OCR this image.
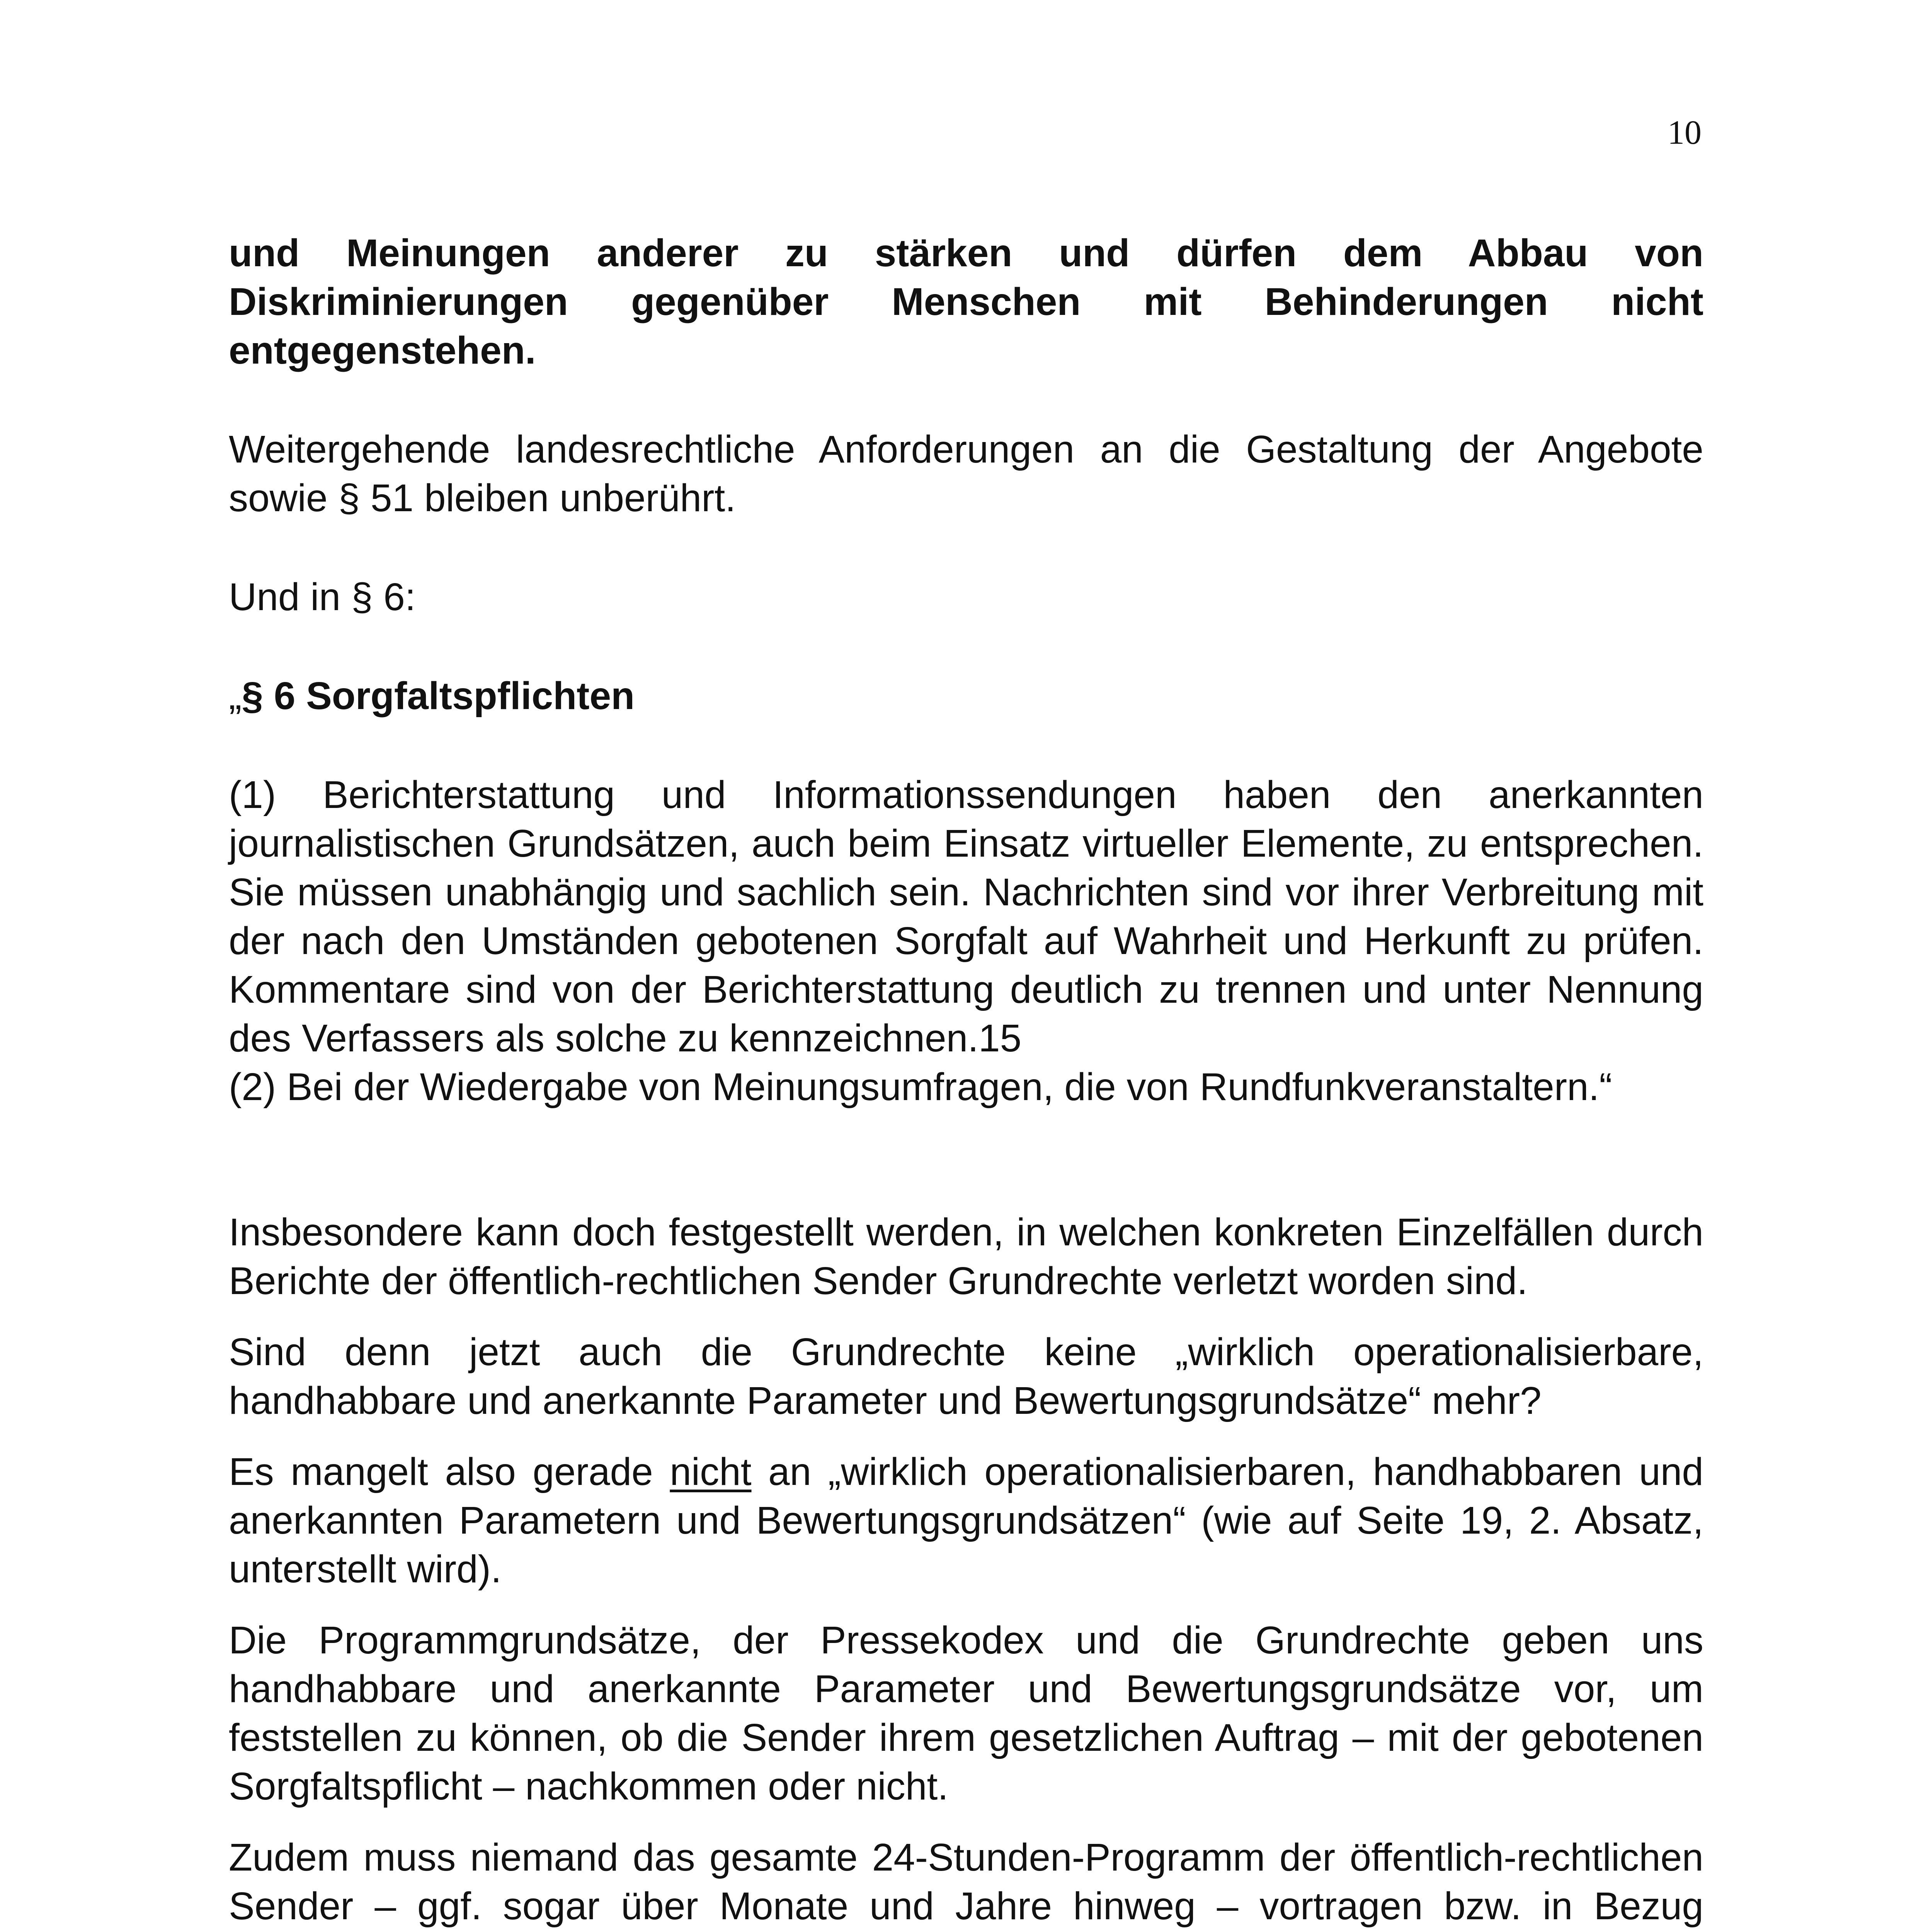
10

und Meinungen anderer zu stärken und dürfen dem Abbau von Diskriminierungen gegenüber Menschen mit Behinderungen nicht entgegenstehen.

Weitergehende landesrechtliche Anforderungen an die Gestaltung der Angebote sowie § 51 bleiben unberührt.

Und in § 6:

„§ 6 Sorgfaltspflichten

(1) Berichterstattung und Informationssendungen haben den anerkannten journalistischen Grundsätzen, auch beim Einsatz virtueller Elemente, zu entsprechen. Sie müssen unabhängig und sachlich sein. Nachrichten sind vor ihrer Verbreitung mit der nach den Umständen gebotenen Sorgfalt auf Wahrheit und Herkunft zu prüfen. Kommentare sind von der Berichterstattung deutlich zu trennen und unter Nennung des Verfassers als solche zu kennzeichnen.15

(2) Bei der Wiedergabe von Meinungsumfragen, die von Rundfunkveranstaltern.“

Insbesondere kann doch festgestellt werden, in welchen konkreten Einzelfällen durch Berichte der öffentlich-rechtlichen Sender Grundrechte verletzt worden sind.

Sind denn jetzt auch die Grundrechte keine „wirklich operationalisierbare, handhabbare und anerkannte Parameter und Bewertungsgrundsätze“ mehr?

Es mangelt also gerade nicht an „wirklich operationalisierbaren, handhabbaren und anerkannten Parametern und Bewertungsgrundsätzen“ (wie auf Seite 19, 2. Absatz, unterstellt wird).

Die Programmgrundsätze, der Pressekodex und die Grundrechte geben uns handhabbare und anerkannte Parameter und Bewertungsgrundsätze vor, um feststellen zu können, ob die Sender ihrem gesetzlichen Auftrag – mit der gebotenen Sorgfaltspflicht – nachkommen oder nicht.

Zudem muss niemand das gesamte 24-Stunden-Programm der öffentlich-rechtlichen Sender – ggf. sogar über Monate und Jahre hinweg – vortragen bzw. in Bezug
